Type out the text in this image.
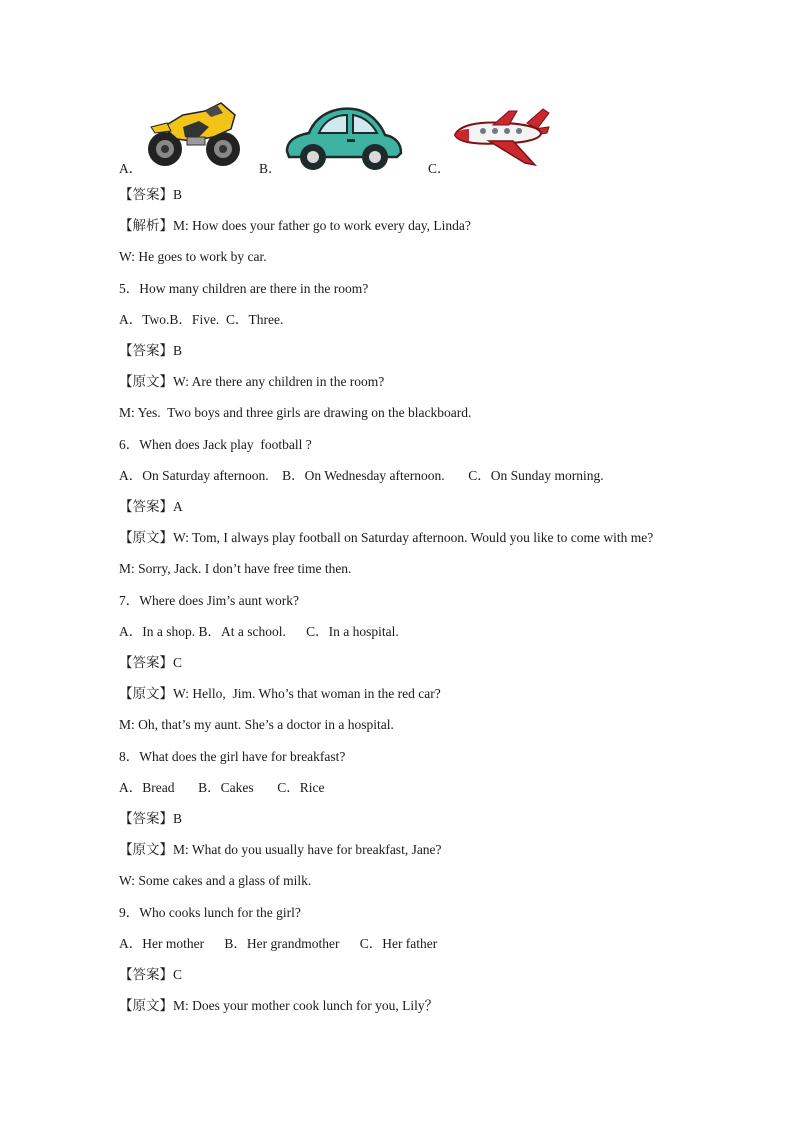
A．	B．	C．
【答案】B
【解析】M: How does your father go to work every day, Linda?
W: He goes to work by car.
5．How many children are there in the room?
A．Two.B．Five.  C．Three.
【答案】B
【原文】W: Are there any children in the room?
M: Yes.  Two boys and three girls are drawing on the blackboard.
6．When does Jack play  football ?
A．On Saturday afternoon.    B．On Wednesday afternoon.       C．On Sunday morning.
【答案】A
【原文】W: Tom, I always play football on Saturday afternoon. Would you like to come with me?
M: Sorry, Jack. I don’t have free time then.
7．Where does Jim’s aunt work?
A．In a shop. B．At a school.      C．In a hospital.
【答案】C
【原文】W: Hello,  Jim. Who’s that woman in the red car?
M: Oh, that’s my aunt. She’s a doctor in a hospital.
8．What does the girl have for breakfast?
A．Bread       B．Cakes       C．Rice
【答案】B
【原文】M: What do you usually have for breakfast, Jane?
W: Some cakes and a glass of milk.
9．Who cooks lunch for the girl?
A．Her mother      B．Her grandmother      C．Her father
【答案】C
【原文】M: Does your mother cook lunch for you, Lily？
